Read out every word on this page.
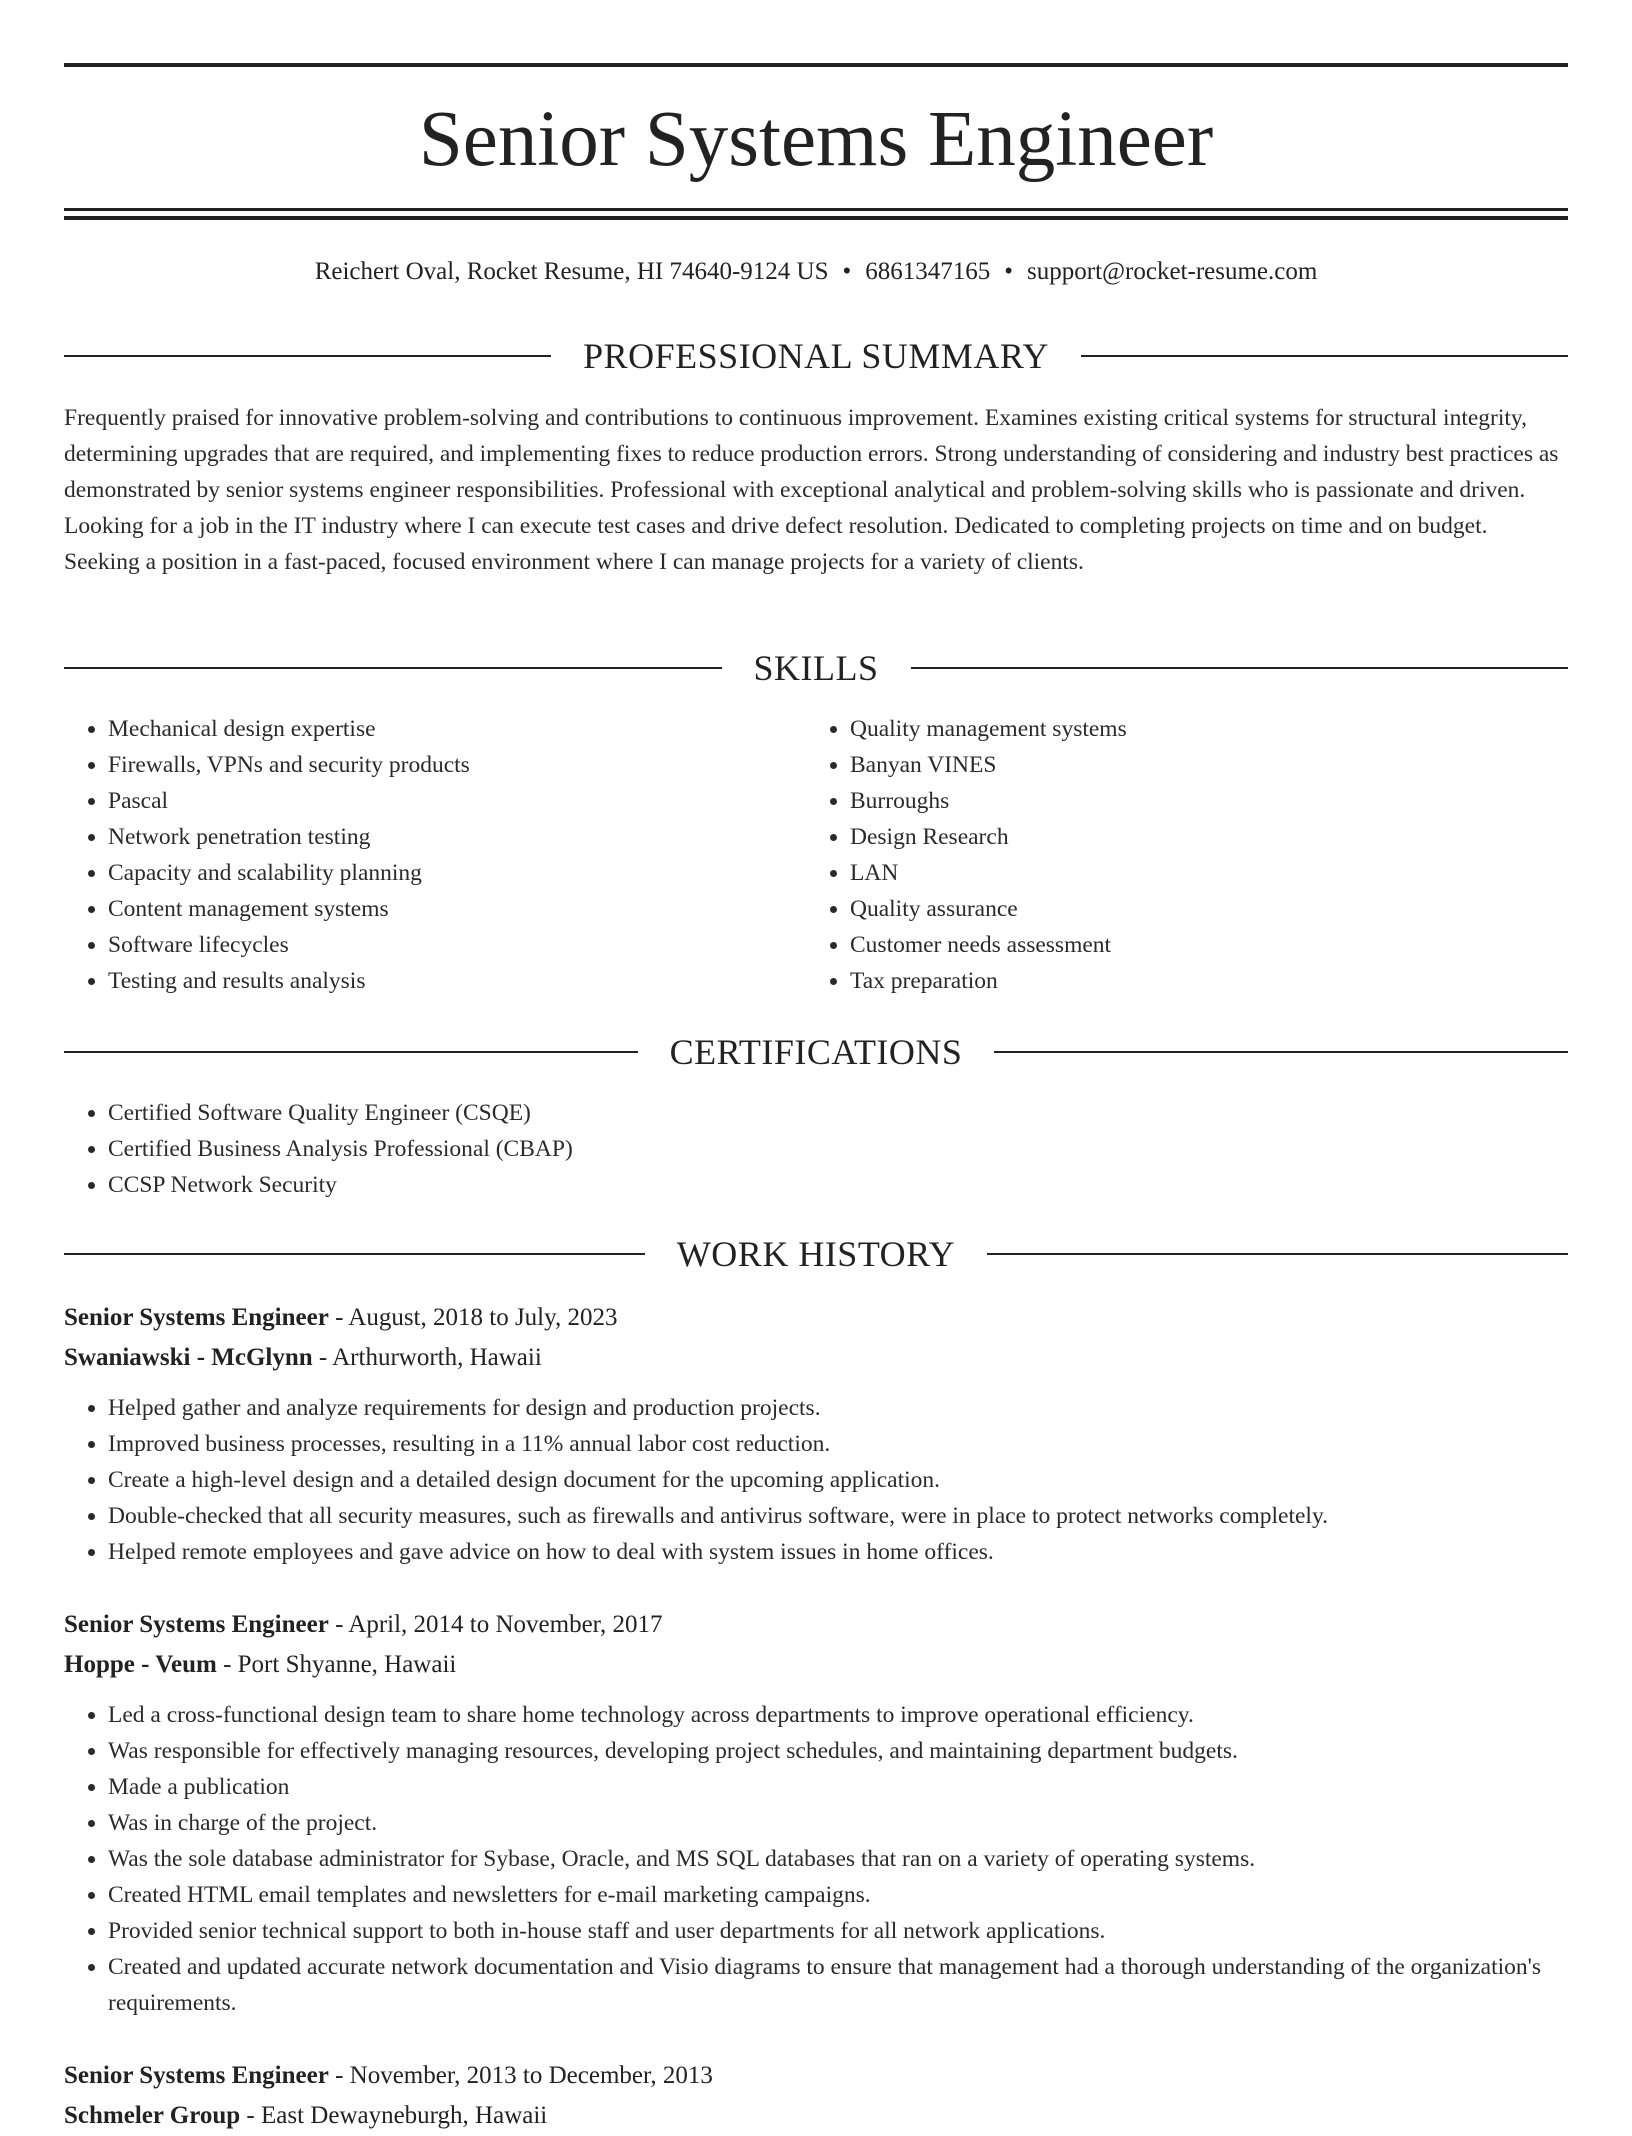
Senior Systems Engineer
Reichert Oval, Rocket Resume, HI 74640-9124 US • 6861347165 • support@rocket-resume.com
PROFESSIONAL SUMMARY

Frequently praised for innovative problem-solving and contributions to continuous improvement. Examines existing critical systems for structural integrity, determining upgrades that are required, and implementing fixes to reduce production errors. Strong understanding of considering and industry best practices as demonstrated by senior systems engineer responsibilities. Professional with exceptional analytical and problem-solving skills who is passionate and driven. Looking for a job in the IT industry where I can execute test cases and drive defect resolution. Dedicated to completing projects on time and on budget. Seeking a position in a fast-paced, focused environment where I can manage projects for a variety of clients.

SKILLS
• Mechanical design expertise
• Firewalls, VPNs and security products
• Pascal
• Network penetration testing
• Capacity and scalability planning
• Content management systems
• Software lifecycles
• Testing and results analysis
• Quality management systems
• Banyan VINES
• Burroughs
• Design Research
• LAN
• Quality assurance
• Customer needs assessment
• Tax preparation
CERTIFICATIONS
• Certified Software Quality Engineer (CSQE)
• Certified Business Analysis Professional (CBAP)
• CCSP Network Security
WORK HISTORY
Senior Systems Engineer - August, 2018 to July, 2023
Swaniawski - McGlynn - Arthurworth, Hawaii
• Helped gather and analyze requirements for design and production projects.
• Improved business processes, resulting in a 11% annual labor cost reduction.
• Create a high-level design and a detailed design document for the upcoming application.
• Double-checked that all security measures, such as firewalls and antivirus software, were in place to protect networks completely.
• Helped remote employees and gave advice on how to deal with system issues in home offices.
Senior Systems Engineer - April, 2014 to November, 2017
Hoppe - Veum - Port Shyanne, Hawaii
• Led a cross-functional design team to share home technology across departments to improve operational efficiency.
• Was responsible for effectively managing resources, developing project schedules, and maintaining department budgets.
• Made a publication
• Was in charge of the project.
• Was the sole database administrator for Sybase, Oracle, and MS SQL databases that ran on a variety of operating systems.
• Created HTML email templates and newsletters for e-mail marketing campaigns.
• Provided senior technical support to both in-house staff and user departments for all network applications.
• Created and updated accurate network documentation and Visio diagrams to ensure that management had a thorough understanding of the organization's requirements.
Senior Systems Engineer - November, 2013 to December, 2013
Schmeler Group - East Dewayneburgh, Hawaii
